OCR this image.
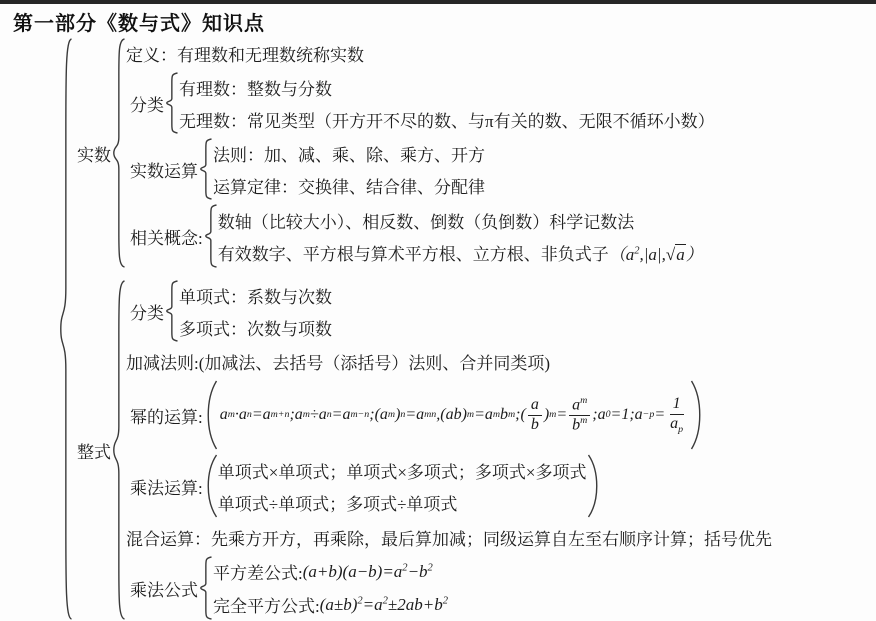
第一部分《数与式》知识点
实数
定义：有理数和无理数统称实数
分类
有理数：整数与分数
无理数：常见类型（开方开不尽的数、与π有关的数、无限不循环小数）
实数运算
法则：加、减、乘、除、乘方、开方
运算定律：交换律、结合律、分配律
相关概念:
数轴（比较大小）、相反数、倒数（负倒数）科学记数法
有效数字、平方根与算术平方根、立方根、非负式子 $(a^2,|a|,√a)$
整式
分类
单项式：系数与次数
多项式：次数与项数
加减法则:(加减法、去括号（添括号）法则、合并同类项)
幂的运算: a m ·a n =a m+n ;a m ÷a n =a m−n ;(a m ) n =a mn ,(ab) m =a m b m ;( $\frac{a}{b}$ ) $m = \frac{a^m}{b^m}$ ;a 0 =1;a $-p = \frac{1}{a_p}$
乘法运算:
单项式×单项式；单项式×多项式；多项式×多项式
单项式÷单项式；多项式÷单项式
混合运算：先乘方开方，再乘除，最后算加减；同级运算自左至右顺序计算；括号优先
乘法公式
平方差公式: $(a+b)(a-b)=a^2-b^2$
完全平方公式: $(a\pm b)^2=a^2\pm 2ab+b^2$
